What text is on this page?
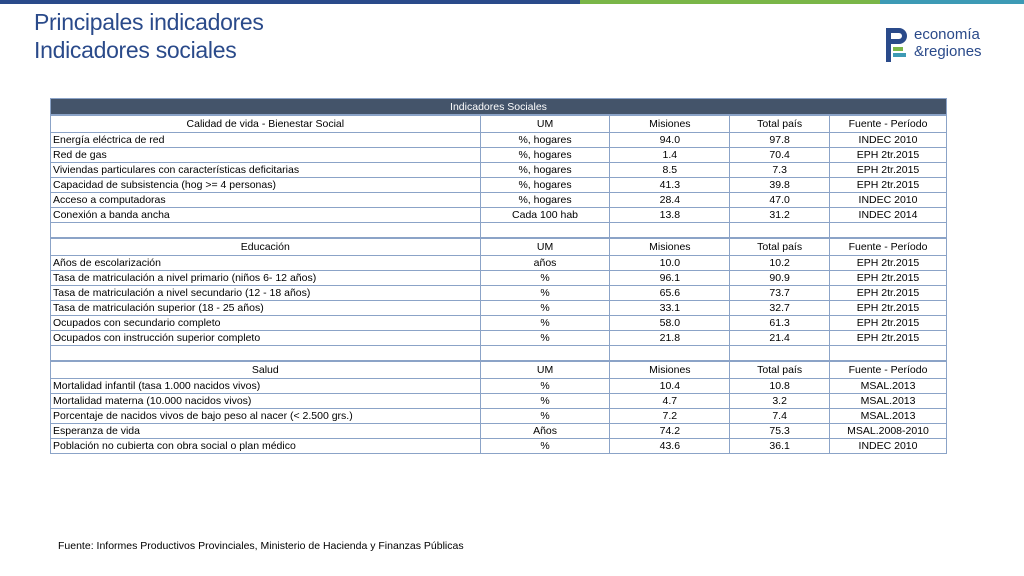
Principales indicadores
Indicadores sociales
economía
&regiones
Indicadores Sociales				
Calidad de vida - Bienestar Social	UM	Misiones	Total país	Fuente - Período
Energía eléctrica de red	%, hogares	94.0	97.8	INDEC 2010
Red de gas	%, hogares	1.4	70.4	EPH 2tr.2015
Viviendas particulares con características deficitarias	%, hogares	8.5	7.3	EPH 2tr.2015
Capacidad de subsistencia (hog >= 4 personas)	%, hogares	41.3	39.8	EPH 2tr.2015
Acceso a computadoras	%, hogares	28.4	47.0	INDEC 2010
Conexión a banda ancha	Cada 100 hab	13.8	31.2	INDEC 2014

Educación	UM	Misiones	Total país	Fuente - Período
Años de escolarización	años	10.0	10.2	EPH 2tr.2015
Tasa de matriculación a nivel primario (niños 6- 12 años)	%	96.1	90.9	EPH 2tr.2015
Tasa de matriculación a nivel secundario (12 - 18 años)	%	65.6	73.7	EPH 2tr.2015
Tasa de matriculación superior (18 - 25 años)	%	33.1	32.7	EPH 2tr.2015
Ocupados con secundario completo	%	58.0	61.3	EPH 2tr.2015
Ocupados con instrucción superior completo	%	21.8	21.4	EPH 2tr.2015

Salud	UM	Misiones	Total país	Fuente - Período
Mortalidad infantil (tasa 1.000 nacidos vivos)	%	10.4	10.8	MSAL.2013
Mortalidad materna (10.000 nacidos vivos)	%	4.7	3.2	MSAL.2013
Porcentaje de nacidos vivos de bajo peso al nacer (< 2.500 grs.)	%	7.2	7.4	MSAL.2013
Esperanza de vida	Años	74.2	75.3	MSAL.2008-2010
Población no cubierta con obra social o plan médico	%	43.6	36.1	INDEC 2010
Fuente: Informes Productivos Provinciales, Ministerio de Hacienda y Finanzas Públicas
